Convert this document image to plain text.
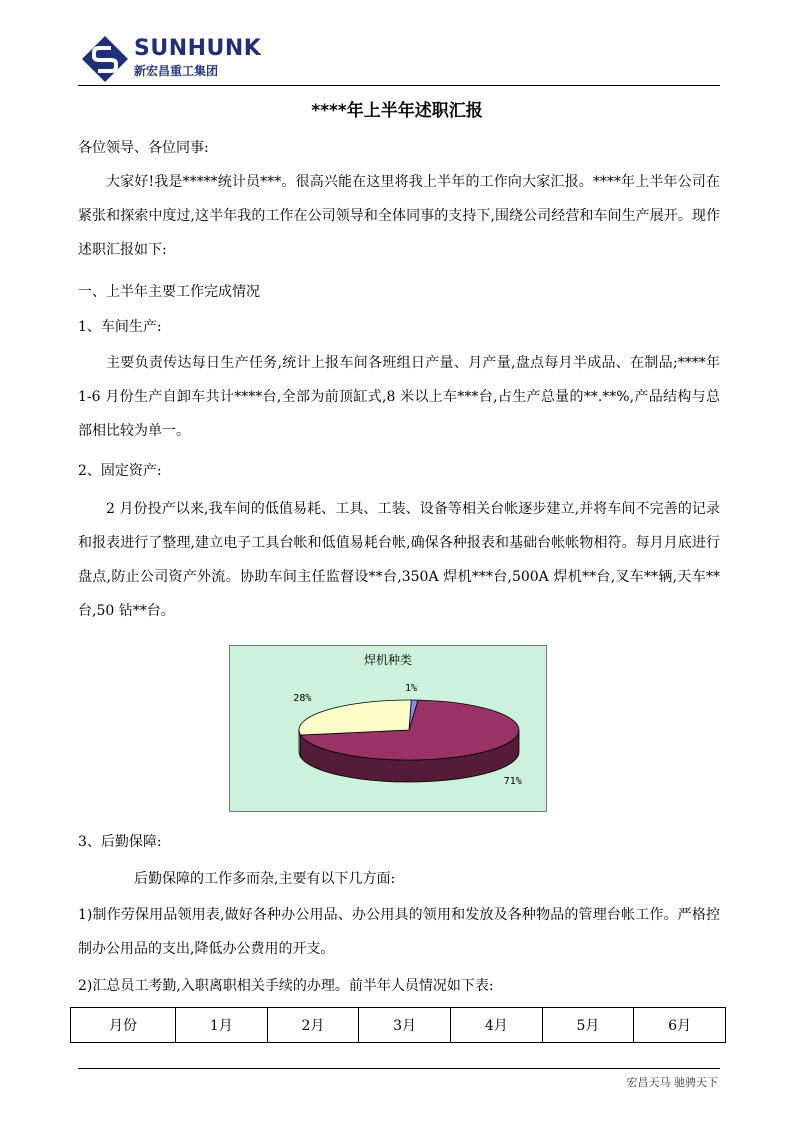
SUNHUNK
新宏昌重工集团
****年上半年述职汇报

各位领导、各位同事:

大家好!我是*****统计员***。很高兴能在这里将我上半年的工作向大家汇报。****年上半年公司在紧张和探索中度过,这半年我的工作在公司领导和全体同事的支持下,围绕公司经营和车间生产展开。现作述职汇报如下:

一、上半年主要工作完成情况

1、车间生产:

主要负责传达每日生产任务,统计上报车间各班组日产量、月产量,盘点每月半成品、在制品;****年 1-6 月份生产自卸车共计****台,全部为前顶缸式,8 米以上车***台,占生产总量的**.**%,产品结构与总部相比较为单一。

2、固定资产:

2 月份投产以来,我车间的低值易耗、工具、工装、设备等相关台帐逐步建立,并将车间不完善的记录和报表进行了整理,建立电子工具台帐和低值易耗台帐,确保各种报表和基础台帐帐物相符。每月月底进行盘点,防止公司资产外流。协助车间主任监督设**台,350A 焊机***台,500A 焊机**台,叉车**辆,天车**台,50 钻**台。

焊机种类
1%
71%
28%

3、后勤保障:

后勤保障的工作多而杂,主要有以下几方面:

1)制作劳保用品领用表,做好各种办公用品、办公用具的领用和发放及各种物品的管理台帐工作。严格控制办公用品的支出,降低办公费用的开支。

2)汇总员工考勤,入职离职相关手续的办理。前半年人员情况如下表:

月份	1月	2月	3月	4月	5月	6月
宏昌天马 驰骋天下
